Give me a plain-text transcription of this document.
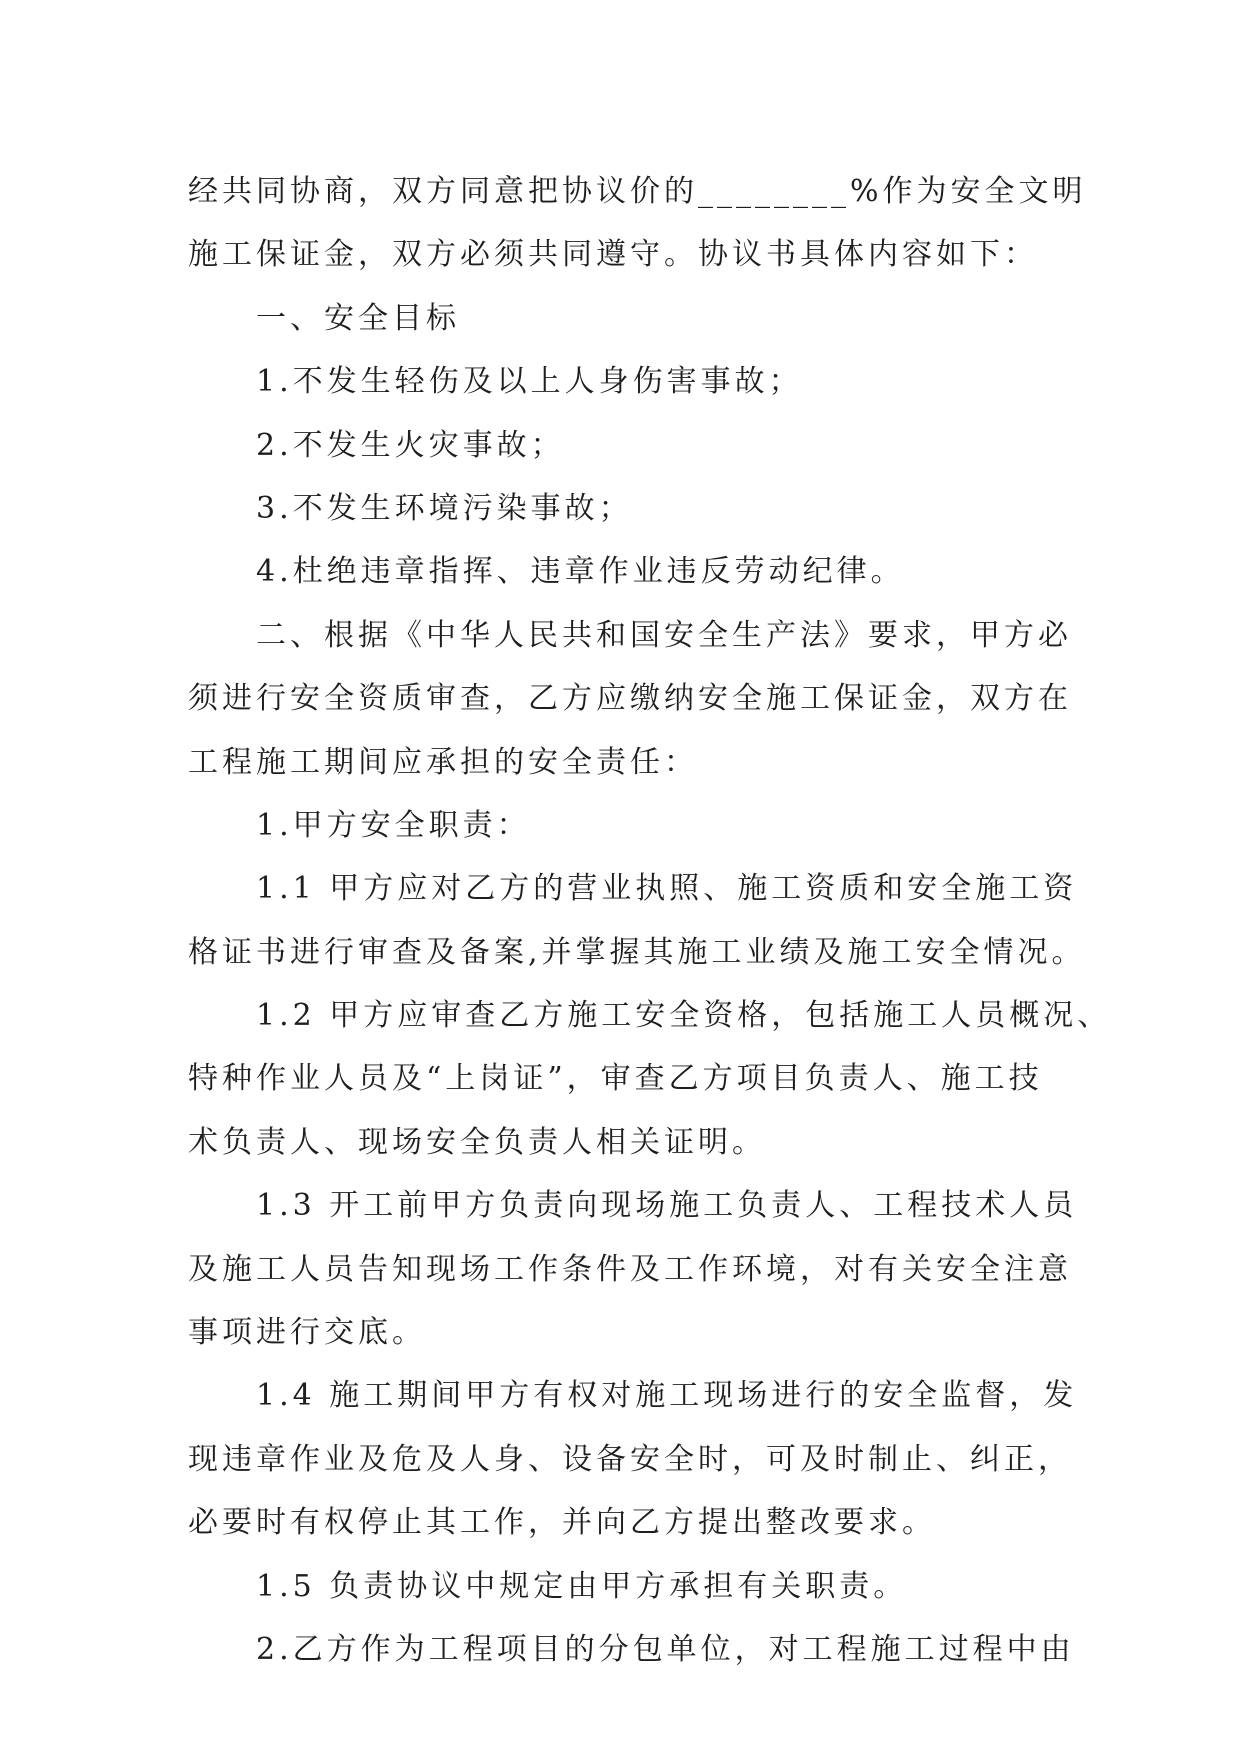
经共同协商，双方同意把协议价的________%作为安全文明
施工保证金，双方必须共同遵守。协议书具体内容如下：
一、安全目标
1.不发生轻伤及以上人身伤害事故；
2.不发生火灾事故；
3.不发生环境污染事故；
4.杜绝违章指挥、违章作业违反劳动纪律。
二、根据《中华人民共和国安全生产法》要求，甲方必
须进行安全资质审查，乙方应缴纳安全施工保证金，双方在
工程施工期间应承担的安全责任：
1.甲方安全职责：
1.1 甲方应对乙方的营业执照、施工资质和安全施工资
格证书进行审查及备案,并掌握其施工业绩及施工安全情况。
1.2 甲方应审查乙方施工安全资格，包括施工人员概况、
特种作业人员及“上岗证”，审查乙方项目负责人、施工技
术负责人、现场安全负责人相关证明。
1.3 开工前甲方负责向现场施工负责人、工程技术人员
及施工人员告知现场工作条件及工作环境，对有关安全注意
事项进行交底。
1.4 施工期间甲方有权对施工现场进行的安全监督，发
现违章作业及危及人身、设备安全时，可及时制止、纠正，
必要时有权停止其工作，并向乙方提出整改要求。
1.5 负责协议中规定由甲方承担有关职责。
2.乙方作为工程项目的分包单位，对工程施工过程中由
